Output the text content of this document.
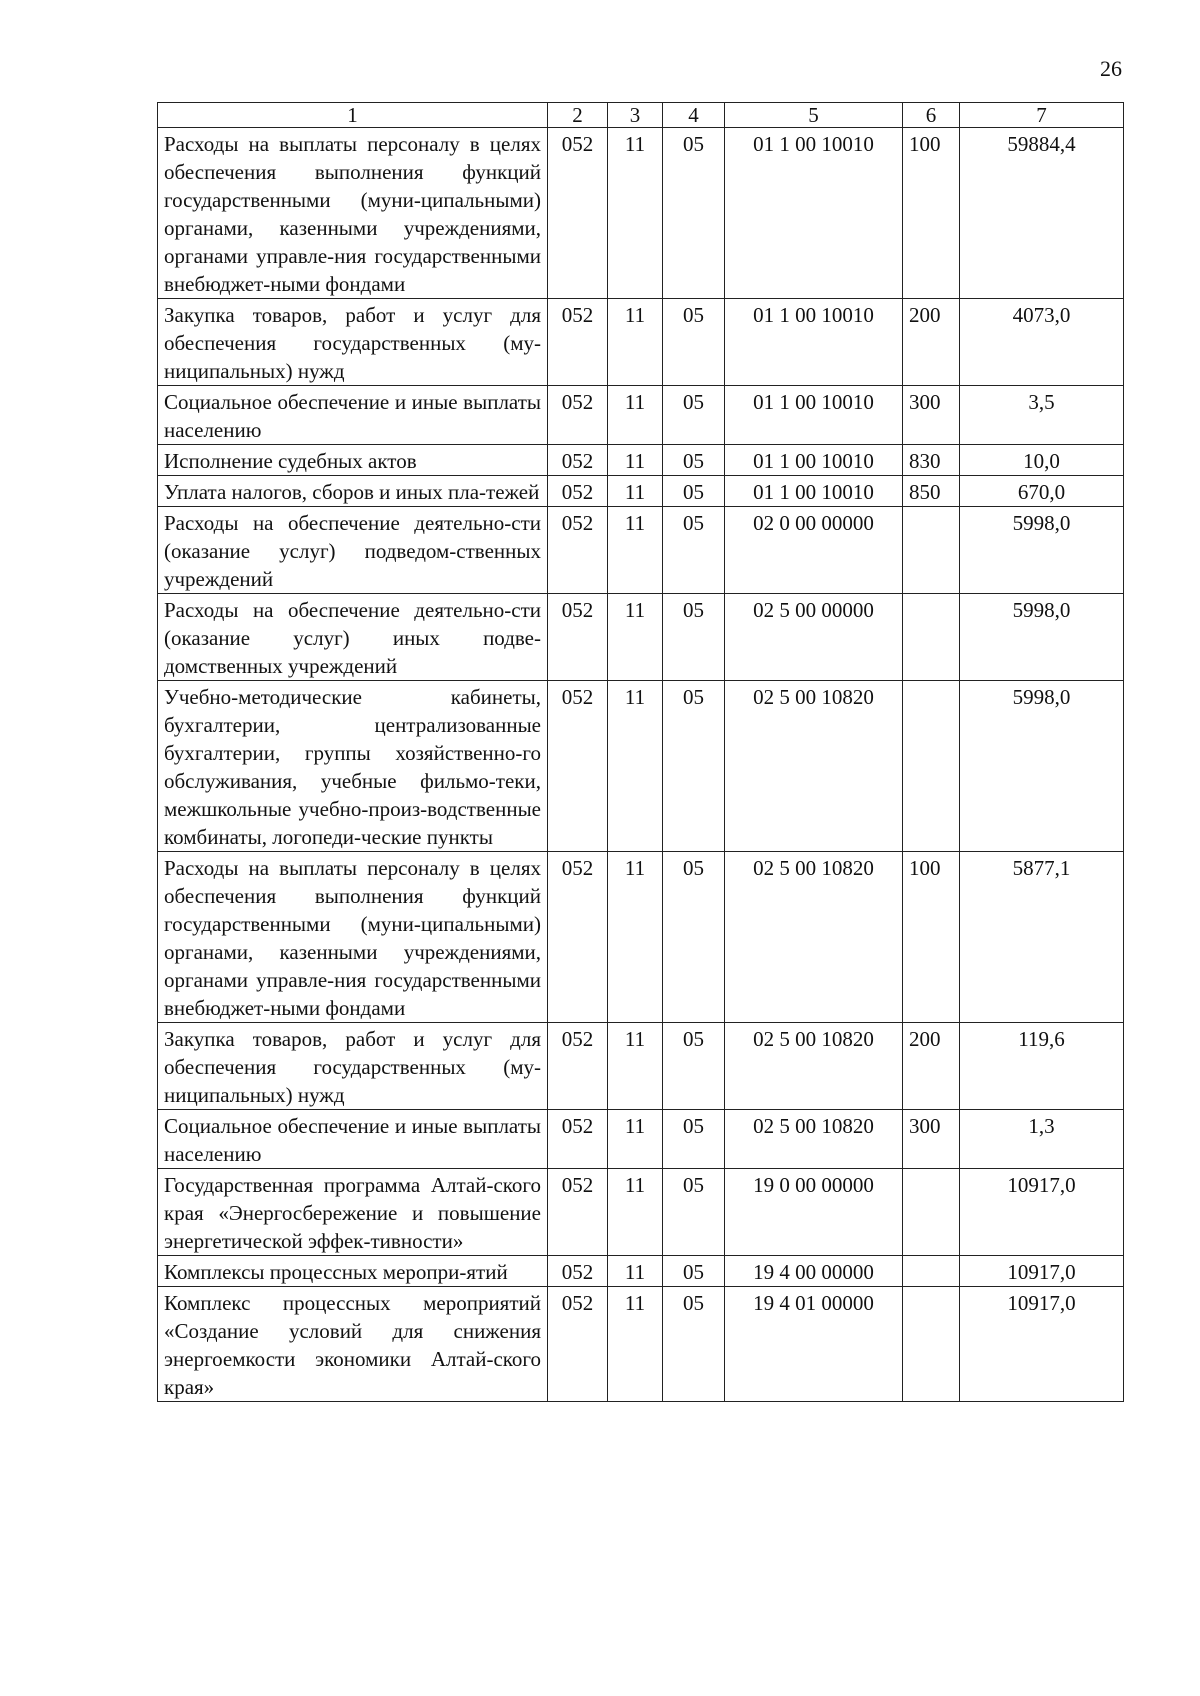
26
1	2	3	4	5	6	7
Расходы на выплаты персоналу в целях обеспечения выполнения функций государственными (муни-ципальными) органами, казенными учреждениями, органами управле-ния государственными внебюджет-ными фондами	052	11	05	01 1 00 10010	100	59884,4
Закупка товаров, работ и услуг для обеспечения государственных (му-ниципальных) нужд	052	11	05	01 1 00 10010	200	4073,0
Социальное обеспечение и иные выплаты населению	052	11	05	01 1 00 10010	300	3,5
Исполнение судебных актов	052	11	05	01 1 00 10010	830	10,0
Уплата налогов, сборов и иных пла-тежей	052	11	05	01 1 00 10010	850	670,0
Расходы на обеспечение деятельно-сти (оказание услуг) подведом-ственных учреждений	052	11	05	02 0 00 00000		5998,0
Расходы на обеспечение деятельно-сти (оказание услуг) иных подве-домственных учреждений	052	11	05	02 5 00 00000		5998,0
Учебно-методические кабинеты, бухгалтерии, централизованные бухгалтерии, группы хозяйственно-го обслуживания, учебные фильмо-теки, межшкольные учебно-произ-водственные комбинаты, логопеди-ческие пункты	052	11	05	02 5 00 10820		5998,0
Расходы на выплаты персоналу в целях обеспечения выполнения функций государственными (муни-ципальными) органами, казенными учреждениями, органами управле-ния государственными внебюджет-ными фондами	052	11	05	02 5 00 10820	100	5877,1
Закупка товаров, работ и услуг для обеспечения государственных (му-ниципальных) нужд	052	11	05	02 5 00 10820	200	119,6
Социальное обеспечение и иные выплаты населению	052	11	05	02 5 00 10820	300	1,3
Государственная программа Алтай-ского края «Энергосбережение и повышение энергетической эффек-тивности»	052	11	05	19 0 00 00000		10917,0
Комплексы процессных меропри-ятий	052	11	05	19 4 00 00000		10917,0
Комплекс процессных мероприятий «Создание условий для снижения энергоемкости экономики Алтай-ского края»	052	11	05	19 4 01 00000		10917,0
